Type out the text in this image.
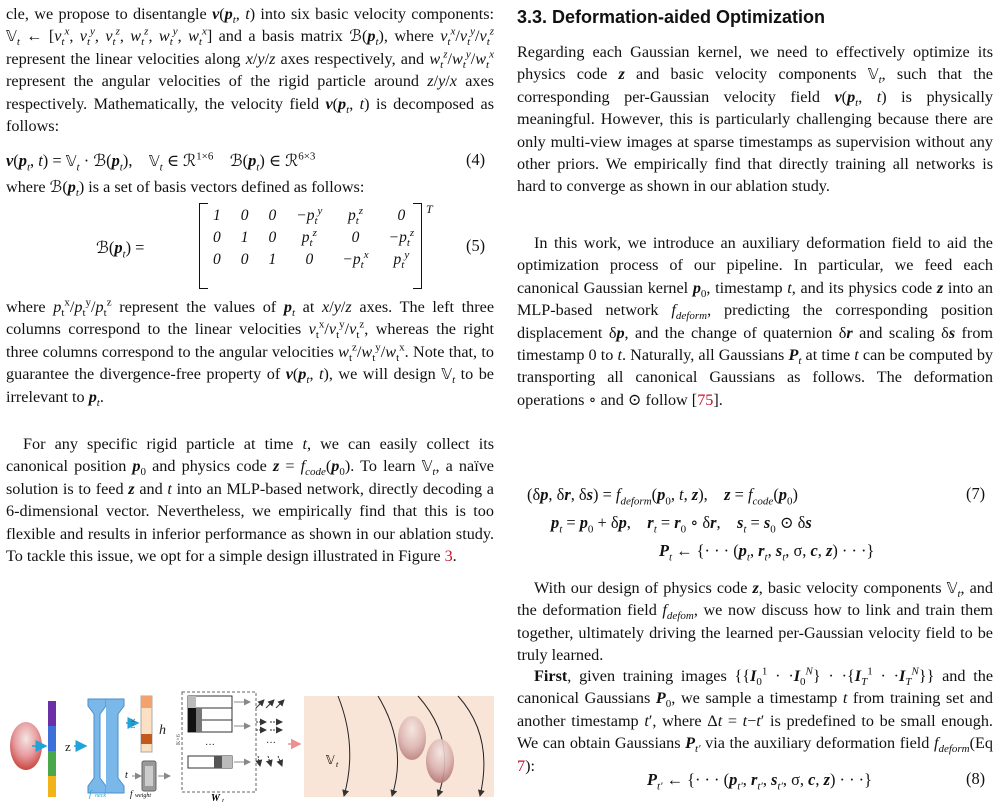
cle, we propose to disentangle $v(p_t$, t) into six basic velocity components: 𝕍$_t$ ← [$v_t^x$, $v_t^y$, $v_t^z$, $w_t^z$, $w_t^y$, $w_t^x$] and a basis matrix $ℬ(p_t)$, where $v_t^x/v_t^y/v_t^z$ represent the linear velocities along x/y/z axes respectively, and $w_t^z/w_t^y/w_t^x$ represent the angular velocities of the rigid particle around z/y/x axes respectively. Mathematically, the velocity field $v(p_t$, t) is decomposed as follows:

$v(p_t$, t) = 𝕍$_t$ · $ℬ(p_t)$,    𝕍$_t$ ∈ ℛ$^{1\times 6}$    $ℬ(p_t)$ ∈ ℛ$^{6\times 3}$	(4)
where $ℬ(p_t)$ is a set of basis vectors defined as follows:
$ℬ(p_t)$ =
1	0	0	$-p_t^y$	$p_t^z$	0
0	1	0	$p_t^z$	0	$-p_t^z$
0	0	1	0	$-p_t^x$	$p_t^y$
T
(5)

where $p_t^x/p_t^y/p_t^z$ represent the values of $p_t$ at x/y/z axes. The left three columns correspond to the linear velocities $v_t^x/v_t^y/v_t^z$, whereas the right three columns correspond to the angular velocities $w_t^z/w_t^y/w_t^x$. Note that, to guarantee the divergence-free property of $v(p_t$, t), we will design 𝕍$_t$ to be irrelevant to $p_t$.

For any specific rigid particle at time t, we can easily collect its canonical position $p_0$ and physics code $z = f_{code}(p_0)$. To learn 𝕍$_t$, a naïve solution is to feed z and t into an MLP-based network, directly decoding a 6-dimensional vector. Nevertheless, we empirically find that this is too flexible and results in inferior performance as shown in our ablation study. To tackle this issue, we opt for a simple design illustrated in Figure 3.

z
f neck
1×K h
t
f weight
K×6
···
W t
···
𝕍 t
3.3. Deformation-aided Optimization

Regarding each Gaussian kernel, we need to effectively optimize its physics code z and basic velocity components 𝕍$_t$, such that the corresponding per-Gaussian velocity field $v(p_t$, t) is physically meaningful. However, this is particularly challenging because there are only multi-view images at sparse timestamps as supervision without any other priors. We empirically find that directly training all networks is hard to converge as shown in our ablation study.

In this work, we introduce an auxiliary deformation field to aid the optimization process of our pipeline. In particular, we feed each canonical Gaussian kernel $p_0$, timestamp t, and its physics code z into an MLP-based network $f_{deform}$, predicting the corresponding position displacement δp, and the change of quaternion δr and scaling δs from timestamp 0 to t. Naturally, all Gaussians $P_t$ at time t can be computed by transporting all canonical Gaussians as follows. The deformation operations ∘ and ⊙ follow [75].

(δp, δr, $\delta s) = f_{deform}(p_0$, t, z),    $z = f_{code}(p_0)$	(7)
$p_t = p_0 + \delta p$,    $r_t = r_0$ ∘ δr,    $s_t = s_0$ ⊙ δs
$P_t$ ← {· · · ($p_t$, $r_t$, $s_t$, σ, c, z) · · ·}

With our design of physics code z, basic velocity components 𝕍$_t$, and the deformation field $f_{defom}$, we now discuss how to link and train them together, ultimately driving the learned per-Gaussian velocity field to be truly learned.

First, given training images $\{\{I_0^1 \cdot \cdot I_0^N\} \cdot \cdot\{I_T^1 \cdot \cdot I_T^N\}\}$ and the canonical Gaussians $P_0$, we sample a timestamp t from training set and another timestamp t′, where Δt = t−t′ is predefined to be small enough. We can obtain Gaussians $P_{t'}$ via the auxiliary deformation field $f_{deform}(Eq$ 7):

$P_{t'}$ ← {· · · ($p_{t'}$, $r_{t'}$, $s_{t'}$, σ, c, z) · · ·}	(8)
